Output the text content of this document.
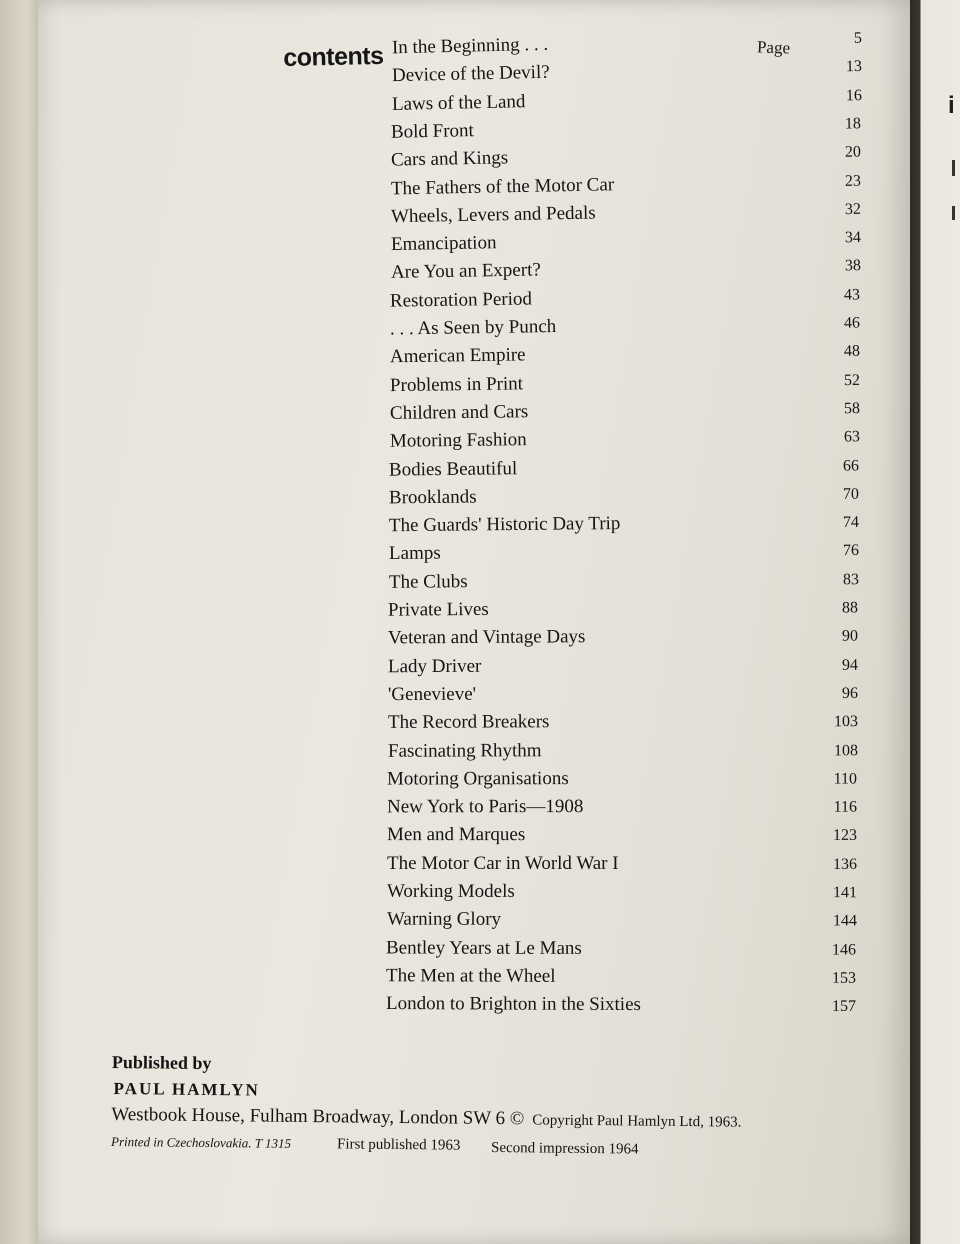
i
contents	Page
In the Beginning . . .	5
Device of the Devil?	13
Laws of the Land	16
Bold Front	18
Cars and Kings	20
The Fathers of the Motor Car	23
Wheels, Levers and Pedals	32
Emancipation	34
Are You an Expert?	38
Restoration Period	43
. . . As Seen by Punch	46
American Empire	48
Problems in Print	52
Children and Cars	58
Motoring Fashion	63
Bodies Beautiful	66
Brooklands	70
The Guards' Historic Day Trip	74
Lamps	76
The Clubs	83
Private Lives	88
Veteran and Vintage Days	90
Lady Driver	94
'Genevieve'	96
The Record Breakers	103
Fascinating Rhythm	108
Motoring Organisations	110
New York to Paris—1908	116
Men and Marques	123
The Motor Car in World War I	136
Working Models	141
Warning Glory	144
Bentley Years at Le Mans	146
The Men at the Wheel	153
London to Brighton in the Sixties	157
Published by
PAUL HAMLYN
Westbook House, Fulham Broadway, London SW 6 © Copyright Paul Hamlyn Ltd, 1963.
Printed in Czechoslovakia. T 1315	First published 1963 Second impression 1964
